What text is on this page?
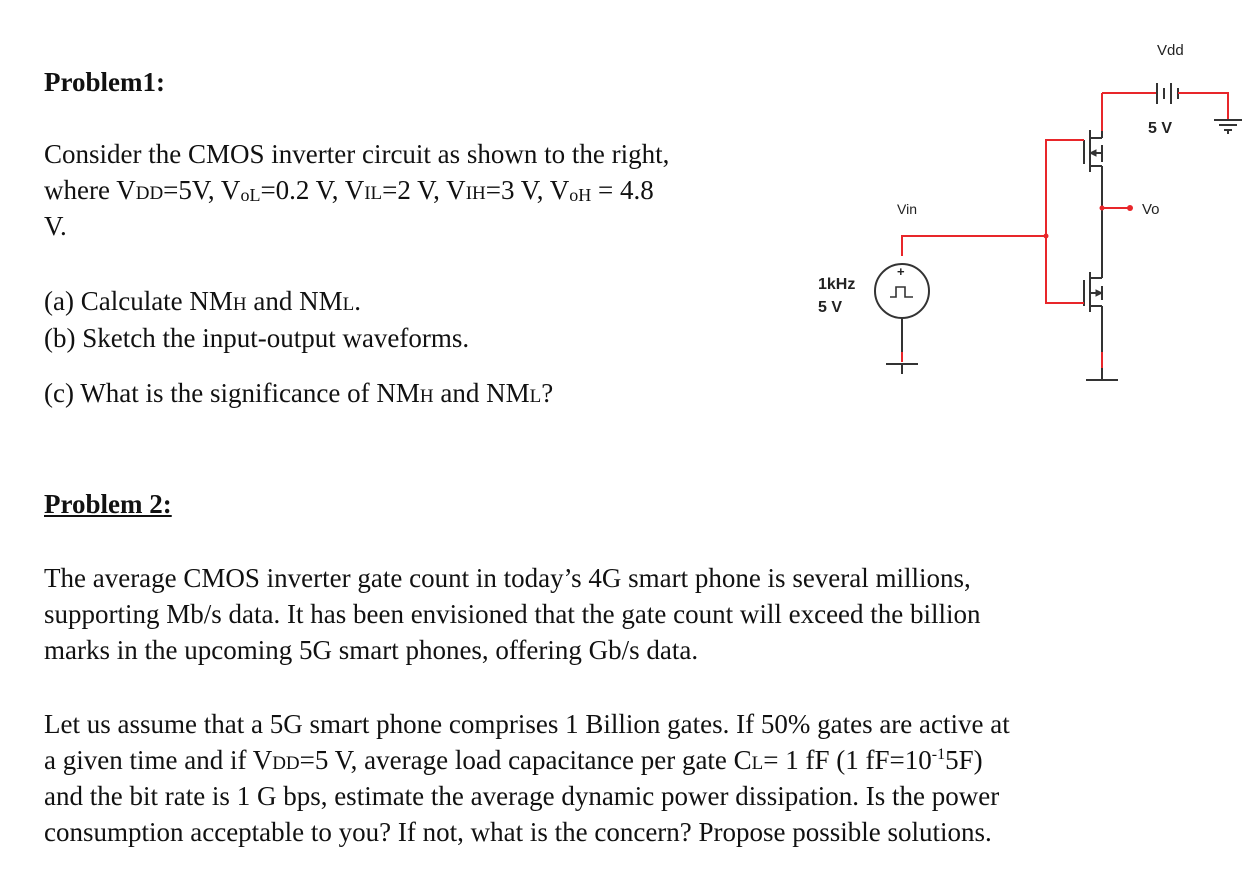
Problem1:
Consider the CMOS inverter circuit as shown to the right,
where VDD=5V, VoL=0.2 V, VIL=2 V, VIH=3 V, VoH = 4.8
V.
(a) Calculate NMH and NML.
(b) Sketch the input-output waveforms.
(c) What is the significance of NMH and NML?
Vdd
5 V
Vin	Vo
1kHz
5 V
+
Problem 2:
The average CMOS inverter gate count in today’s 4G smart phone is several millions,
supporting Mb/s data. It has been envisioned that the gate count will exceed the billion
marks in the upcoming 5G smart phones, offering Gb/s data.
Let us assume that a 5G smart phone comprises 1 Billion gates. If 50% gates are active at
a given time and if VDD=5 V, average load capacitance per gate CL= 1 fF (1 $fF=10^{-1}5F$)
and the bit rate is 1 G bps, estimate the average dynamic power dissipation. Is the power
consumption acceptable to you? If not, what is the concern? Propose possible solutions.
